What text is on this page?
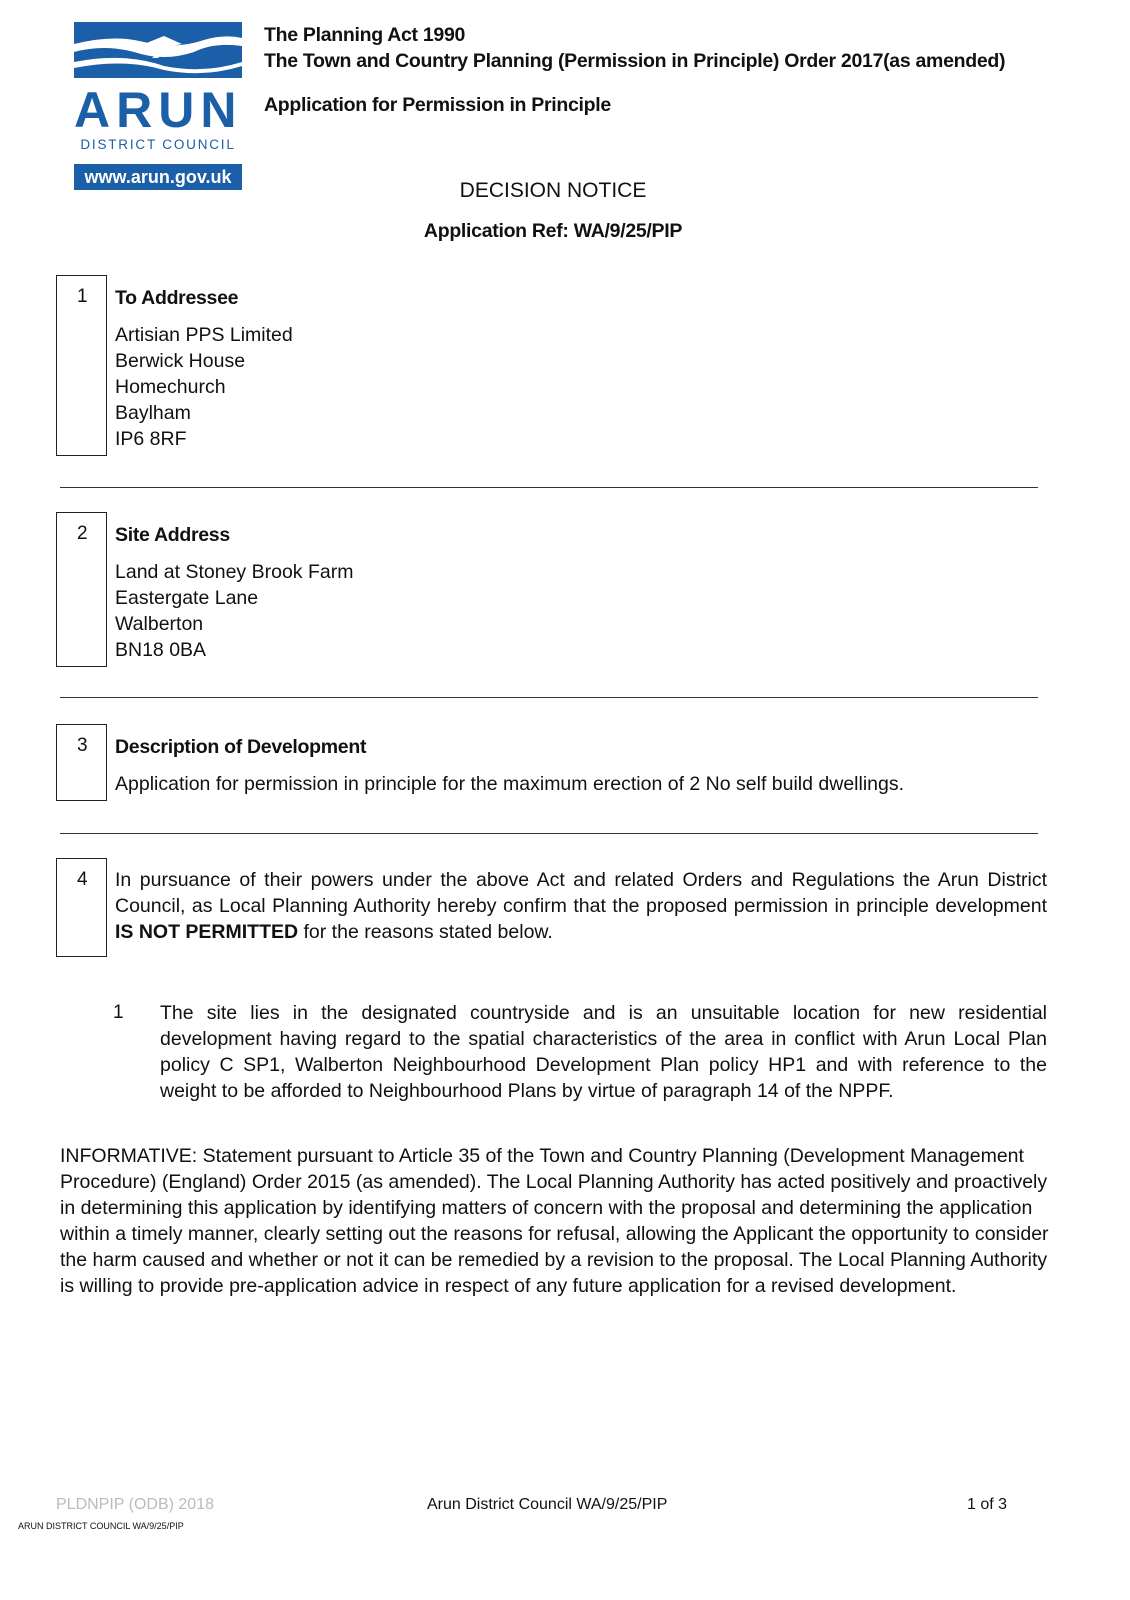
ARUN
DISTRICT COUNCIL
www.arun.gov.uk
The Planning Act 1990
The Town and Country Planning (Permission in Principle) Order 2017(as amended)
Application for Permission in Principle
DECISION NOTICE
Application Ref: WA/9/25/PIP
1 To Addressee
Artisian PPS Limited
Berwick House
Homechurch
Baylham
IP6 8RF
2 Site Address
Land at Stoney Brook Farm
Eastergate Lane
Walberton
BN18 0BA
3 Description of Development
Application for permission in principle for the maximum erection of 2 No self build dwellings.
4 In pursuance of their powers under the above Act and related Orders and Regulations the Arun District Council, as Local Planning Authority hereby confirm that the proposed permission in principle development IS NOT PERMITTED for the reasons stated below.
1 The site lies in the designated countryside and is an unsuitable location for new residential development having regard to the spatial characteristics of the area in conflict with Arun Local Plan policy C SP1, Walberton Neighbourhood Development Plan policy HP1 and with reference to the weight to be afforded to Neighbourhood Plans by virtue of paragraph 14 of the NPPF.
INFORMATIVE: Statement pursuant to Article 35 of the Town and Country Planning (Development Management Procedure) (England) Order 2015 (as amended). The Local Planning Authority has acted positively and proactively in determining this application by identifying matters of concern with the proposal and determining the application within a timely manner, clearly setting out the reasons for refusal, allowing the Applicant the opportunity to consider the harm caused and whether or not it can be remedied by a revision to the proposal. The Local Planning Authority is willing to provide pre-application advice in respect of any future application for a revised development.
PLDNPIP (ODB) 2018	Arun District Council WA/9/25/PIP	1 of 3
ARUN DISTRICT COUNCIL WA/9/25/PIP
